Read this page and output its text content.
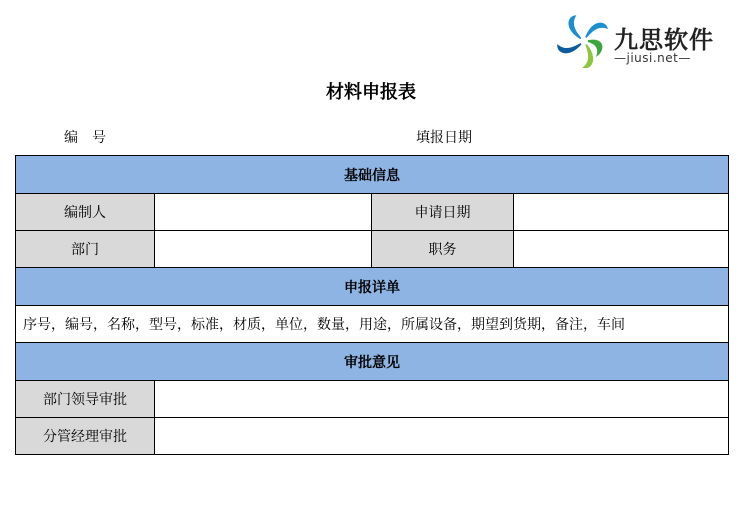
九思软件
—jiusi.net—
材料申报表
编　号	填报日期
基础信息			
编制人		申请日期	
部门		职务	
申报详单			
序号，编号，名称，型号，标准，材质，单位，数量，用途，所属设备，期望到货期，备注，车间			
审批意见			
部门领导审批			
分管经理审批			
